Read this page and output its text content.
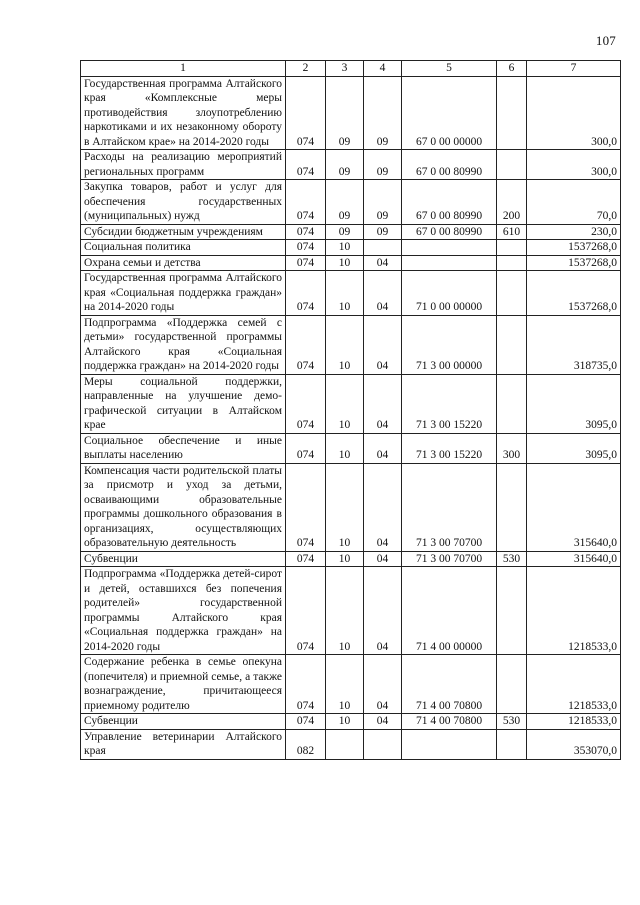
107
1	2	3	4	5	6	7
Государственная программа Алтайского края «Комплексные меры противодействия злоупотреблению наркотиками и их незаконному обороту в Алтайском крае» на 2014-2020 годы	074	09	09	67 0 00 00000		300,0
Расходы на реализацию мероприятий региональных программ	074	09	09	67 0 00 80990		300,0
Закупка товаров, работ и услуг для обеспечения государственных (муниципальных) нужд	074	09	09	67 0 00 80990	200	70,0
Субсидии бюджетным учреждениям	074	09	09	67 0 00 80990	610	230,0
Социальная политика	074	10				1537268,0
Охрана семьи и детства	074	10	04			1537268,0
Государственная программа Алтайского края «Социальная поддержка граждан» на 2014-2020 годы	074	10	04	71 0 00 00000		1537268,0
Подпрограмма «Поддержка семей с детьми» государственной программы Алтайского края «Социальная поддержка граждан» на 2014-2020 годы	074	10	04	71 3 00 00000		318735,0
Меры социальной поддержки, направленные на улучшение демографической ситуации в Алтайском крае	074	10	04	71 3 00 15220		3095,0
Социальное обеспечение и иные выплаты населению	074	10	04	71 3 00 15220	300	3095,0
Компенсация части родительской платы за присмотр и уход за детьми, осваивающими образовательные программы дошкольного образования в организациях, осуществляющих образовательную деятельность	074	10	04	71 3 00 70700		315640,0
Субвенции	074	10	04	71 3 00 70700	530	315640,0
Подпрограмма «Поддержка детей-сирот и детей, оставшихся без попечения родителей» государственной программы Алтайского края «Социальная поддержка граждан» на 2014-2020 годы	074	10	04	71 4 00 00000		1218533,0
Содержание ребенка в семье опекуна (попечителя) и приемной семье, а также вознаграждение, причитающееся приемному родителю	074	10	04	71 4 00 70800		1218533,0
Субвенции	074	10	04	71 4 00 70800	530	1218533,0
Управление ветеринарии Алтайского края	082					353070,0
